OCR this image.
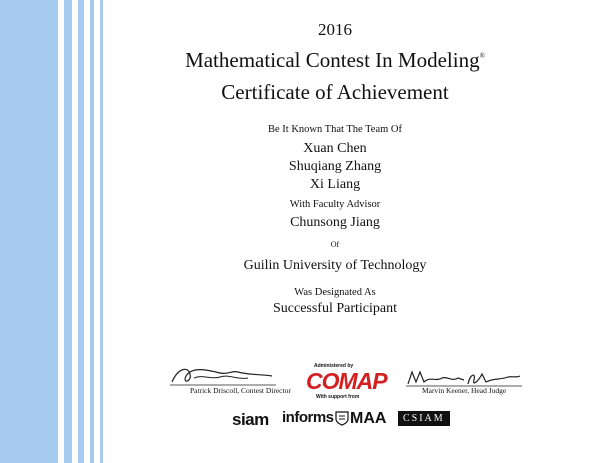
2016
Mathematical Contest In Modeling®
Certificate of Achievement
Be It Known That The Team Of
Xuan Chen
Shuqiang Zhang
Xi Liang
With Faculty Advisor
Chunsong Jiang
Of
Guilin University of Technology
Was Designated As
Successful Participant
Patrick Driscoll, Contest Director
Administered by
COMAP
With support from
Marvin Keener, Head Judge
siam informs MAA	CSIAM
